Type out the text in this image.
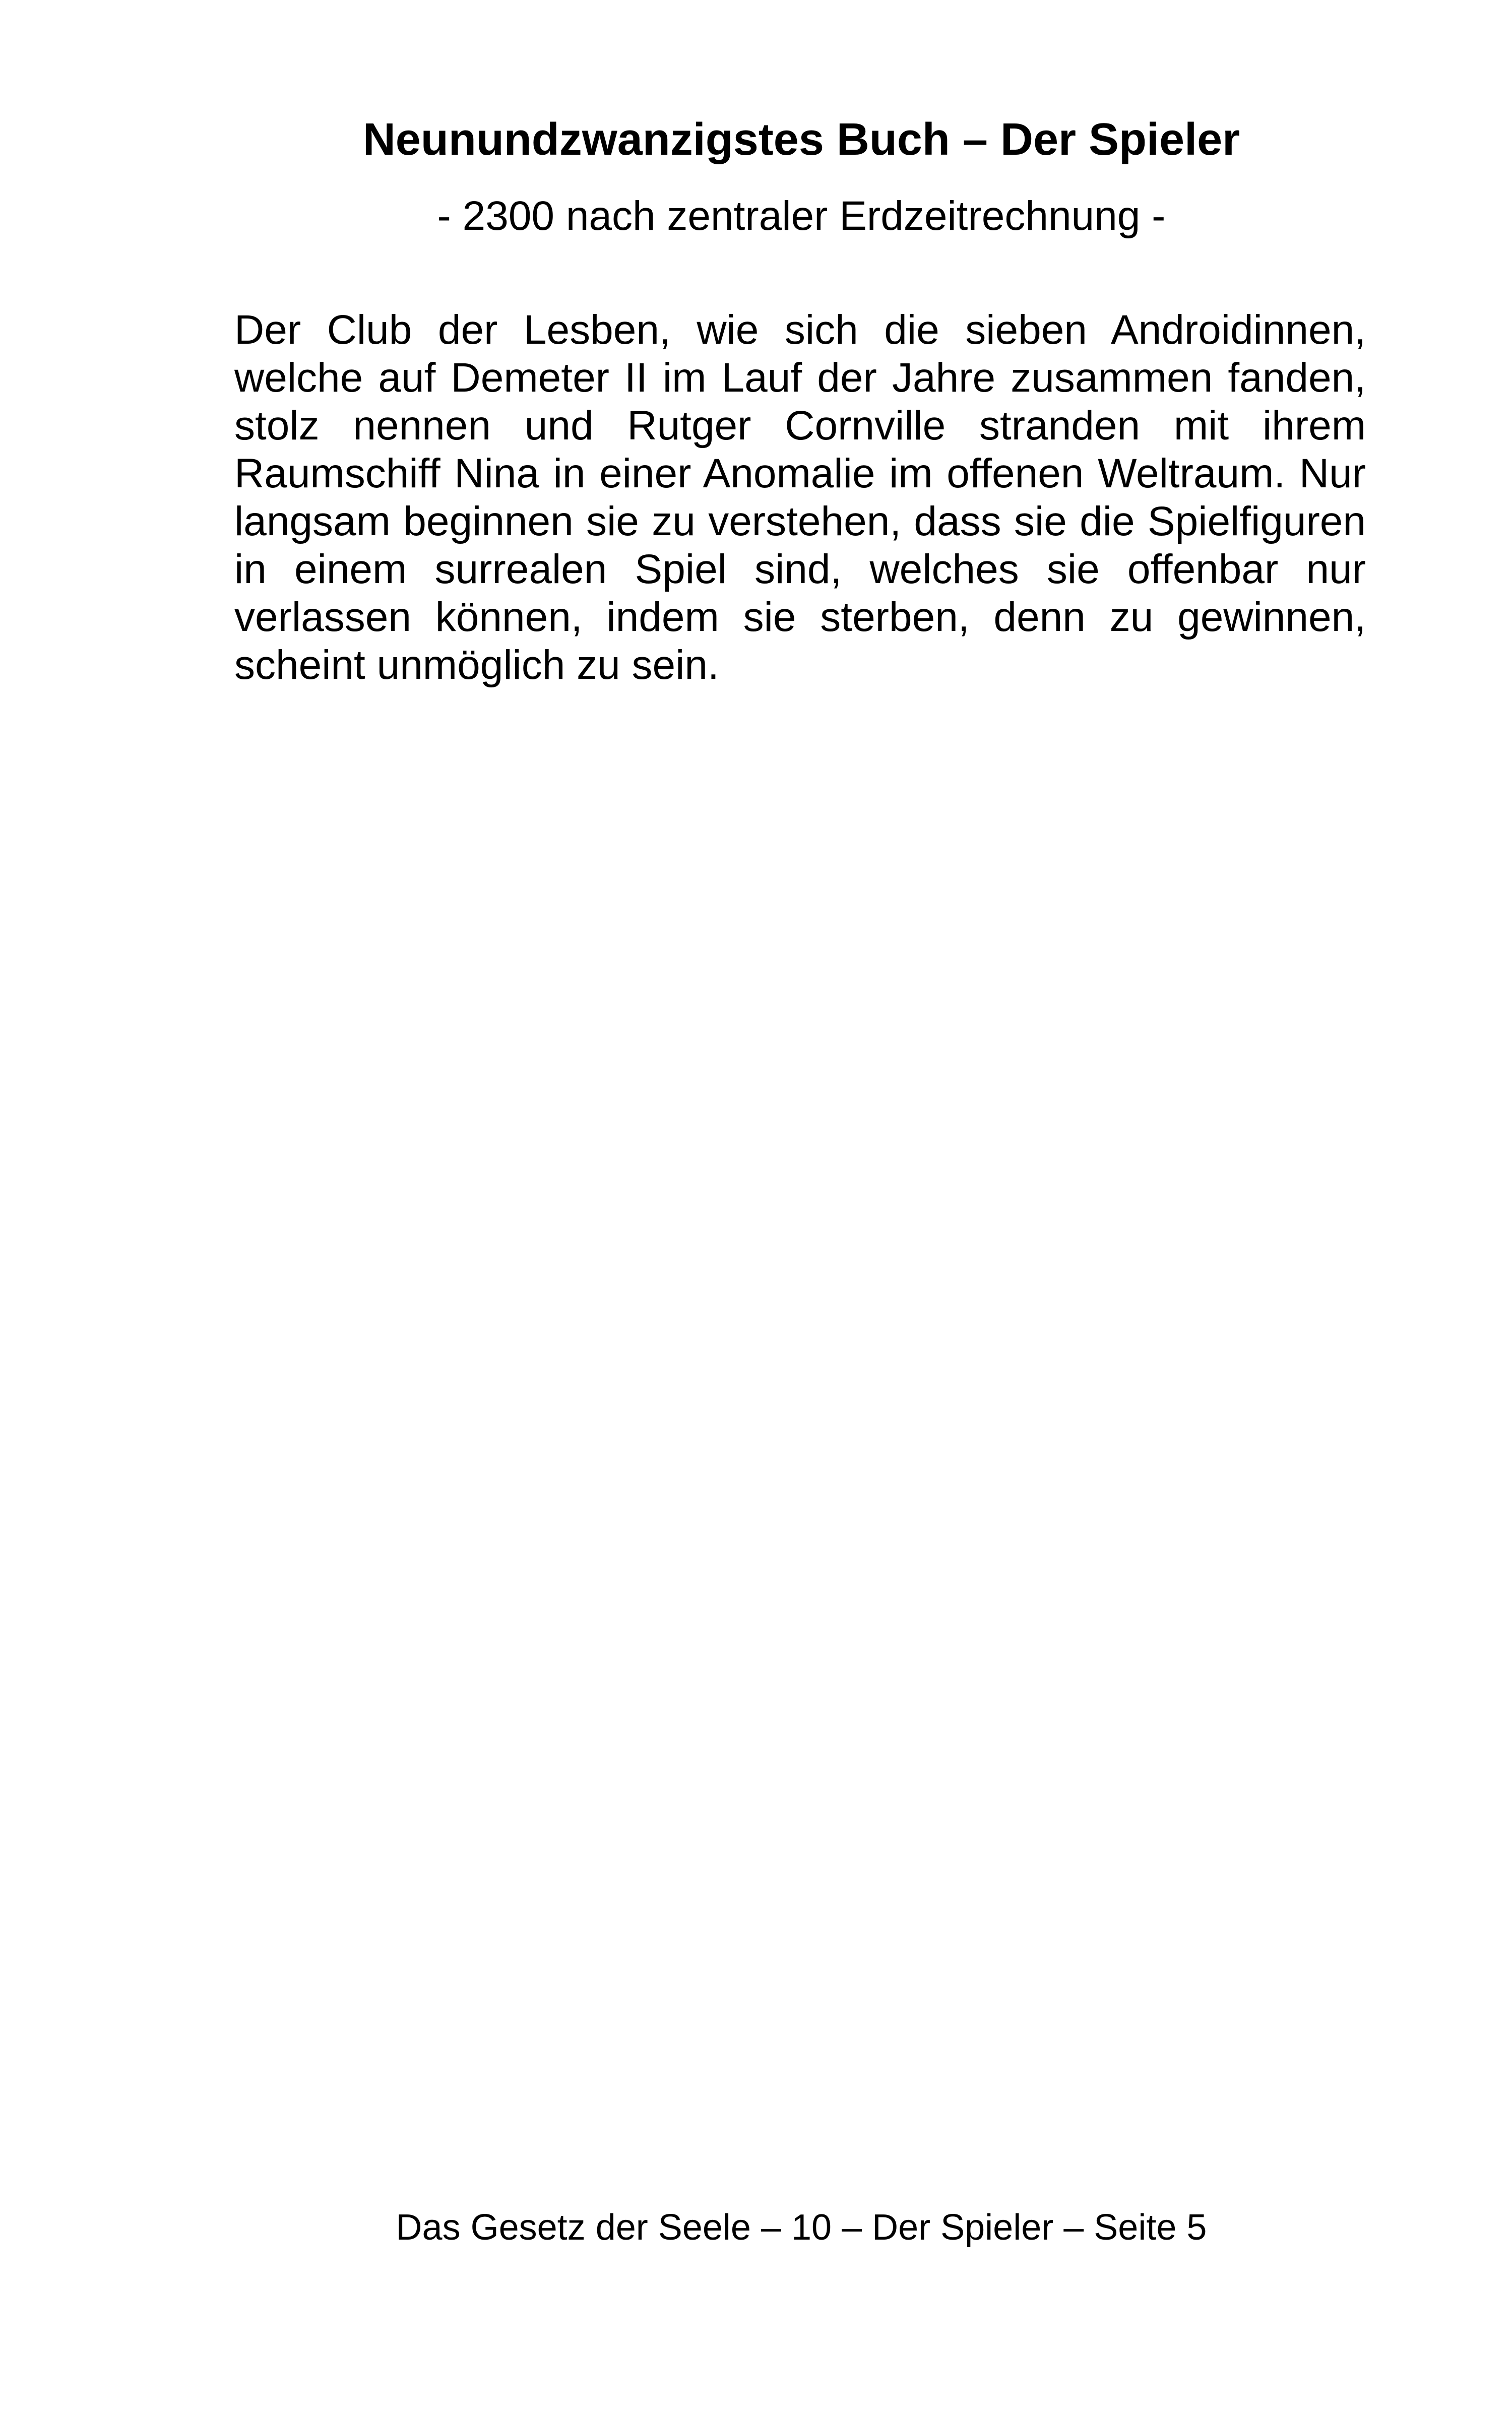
Neunundzwanzigstes Buch – Der Spieler
- 2300 nach zentraler Erdzeitrechnung -

Der Club der Lesben, wie sich die sieben Androidinnen, welche auf Demeter II im Lauf der Jahre zusammen fanden, stolz nennen und Rutger Cornville stranden mit ihrem Raumschiff Nina in einer Anomalie im offenen Weltraum. Nur langsam beginnen sie zu verstehen, dass sie die Spielfiguren in einem surrealen Spiel sind, welches sie offenbar nur verlassen können, indem sie sterben, denn zu gewinnen, scheint unmöglich zu sein.

Das Gesetz der Seele – 10 – Der Spieler – Seite 5
